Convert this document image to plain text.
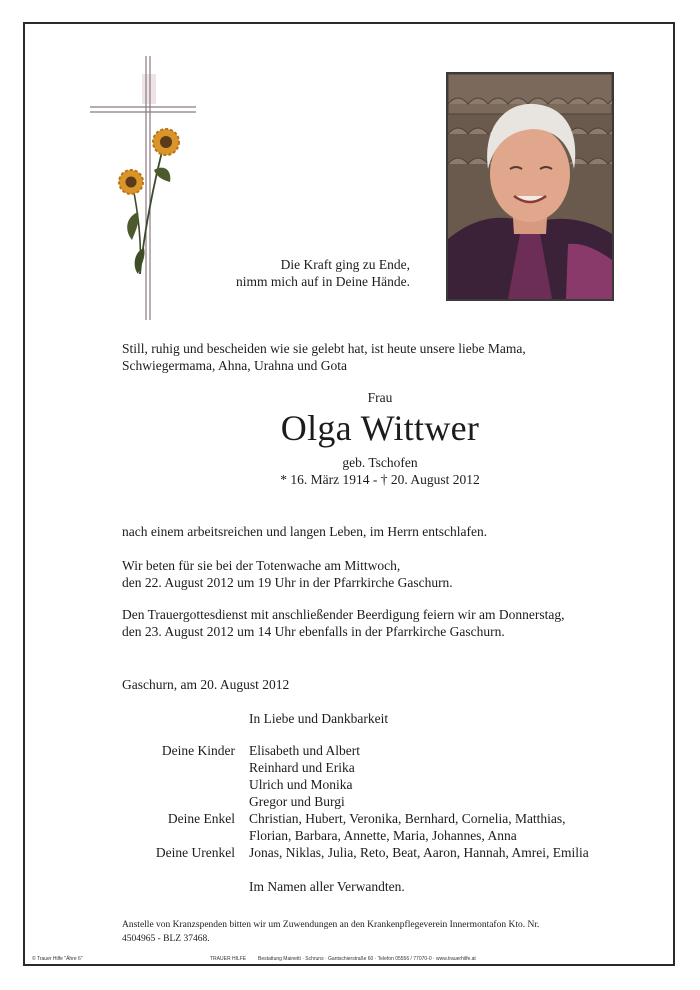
Die Kraft ging zu Ende,
nimm mich auf in Deine Hände.
Still, ruhig und bescheiden wie sie gelebt hat, ist heute unsere liebe Mama, Schwiegermama, Ahna, Urahna und Gota
Frau
Olga Wittwer
geb. Tschofen
* 16. März 1914 - † 20. August 2012
nach einem arbeitsreichen und langen Leben, im Herrn entschlafen.
Wir beten für sie bei der Totenwache am Mittwoch,
den 22. August 2012 um 19 Uhr in der Pfarrkirche Gaschurn.
Den Trauergottesdienst mit anschließender Beerdigung feiern wir am Donnerstag,
den 23. August 2012 um 14 Uhr ebenfalls in der Pfarrkirche Gaschurn.
Gaschurn, am 20. August 2012
In Liebe und Dankbarkeit
Deine Kinder Elisabeth und Albert
Reinhard und Erika
Ulrich und Monika
Gregor und Burgi
Deine Enkel Christian, Hubert, Veronika, Bernhard, Cornelia, Matthias,
Florian, Barbara, Annette, Maria, Johannes, Anna
Deine Urenkel Jonas, Niklas, Julia, Reto, Beat, Aaron, Hannah, Amrei, Emilia
Im Namen aller Verwandten.
Anstelle von Kranzspenden bitten wir um Zuwendungen an den Krankenpflegeverein Innermontafon Kto. Nr.
4504965 - BLZ 37468.
© Trauer Hilfe "Ähre 6"	TRAUER HILFE Bestattung Mainetti · Schruns · Gantschierstraße 60 · Telefon 05556 / 77070-0 · www.trauerhilfe.at
